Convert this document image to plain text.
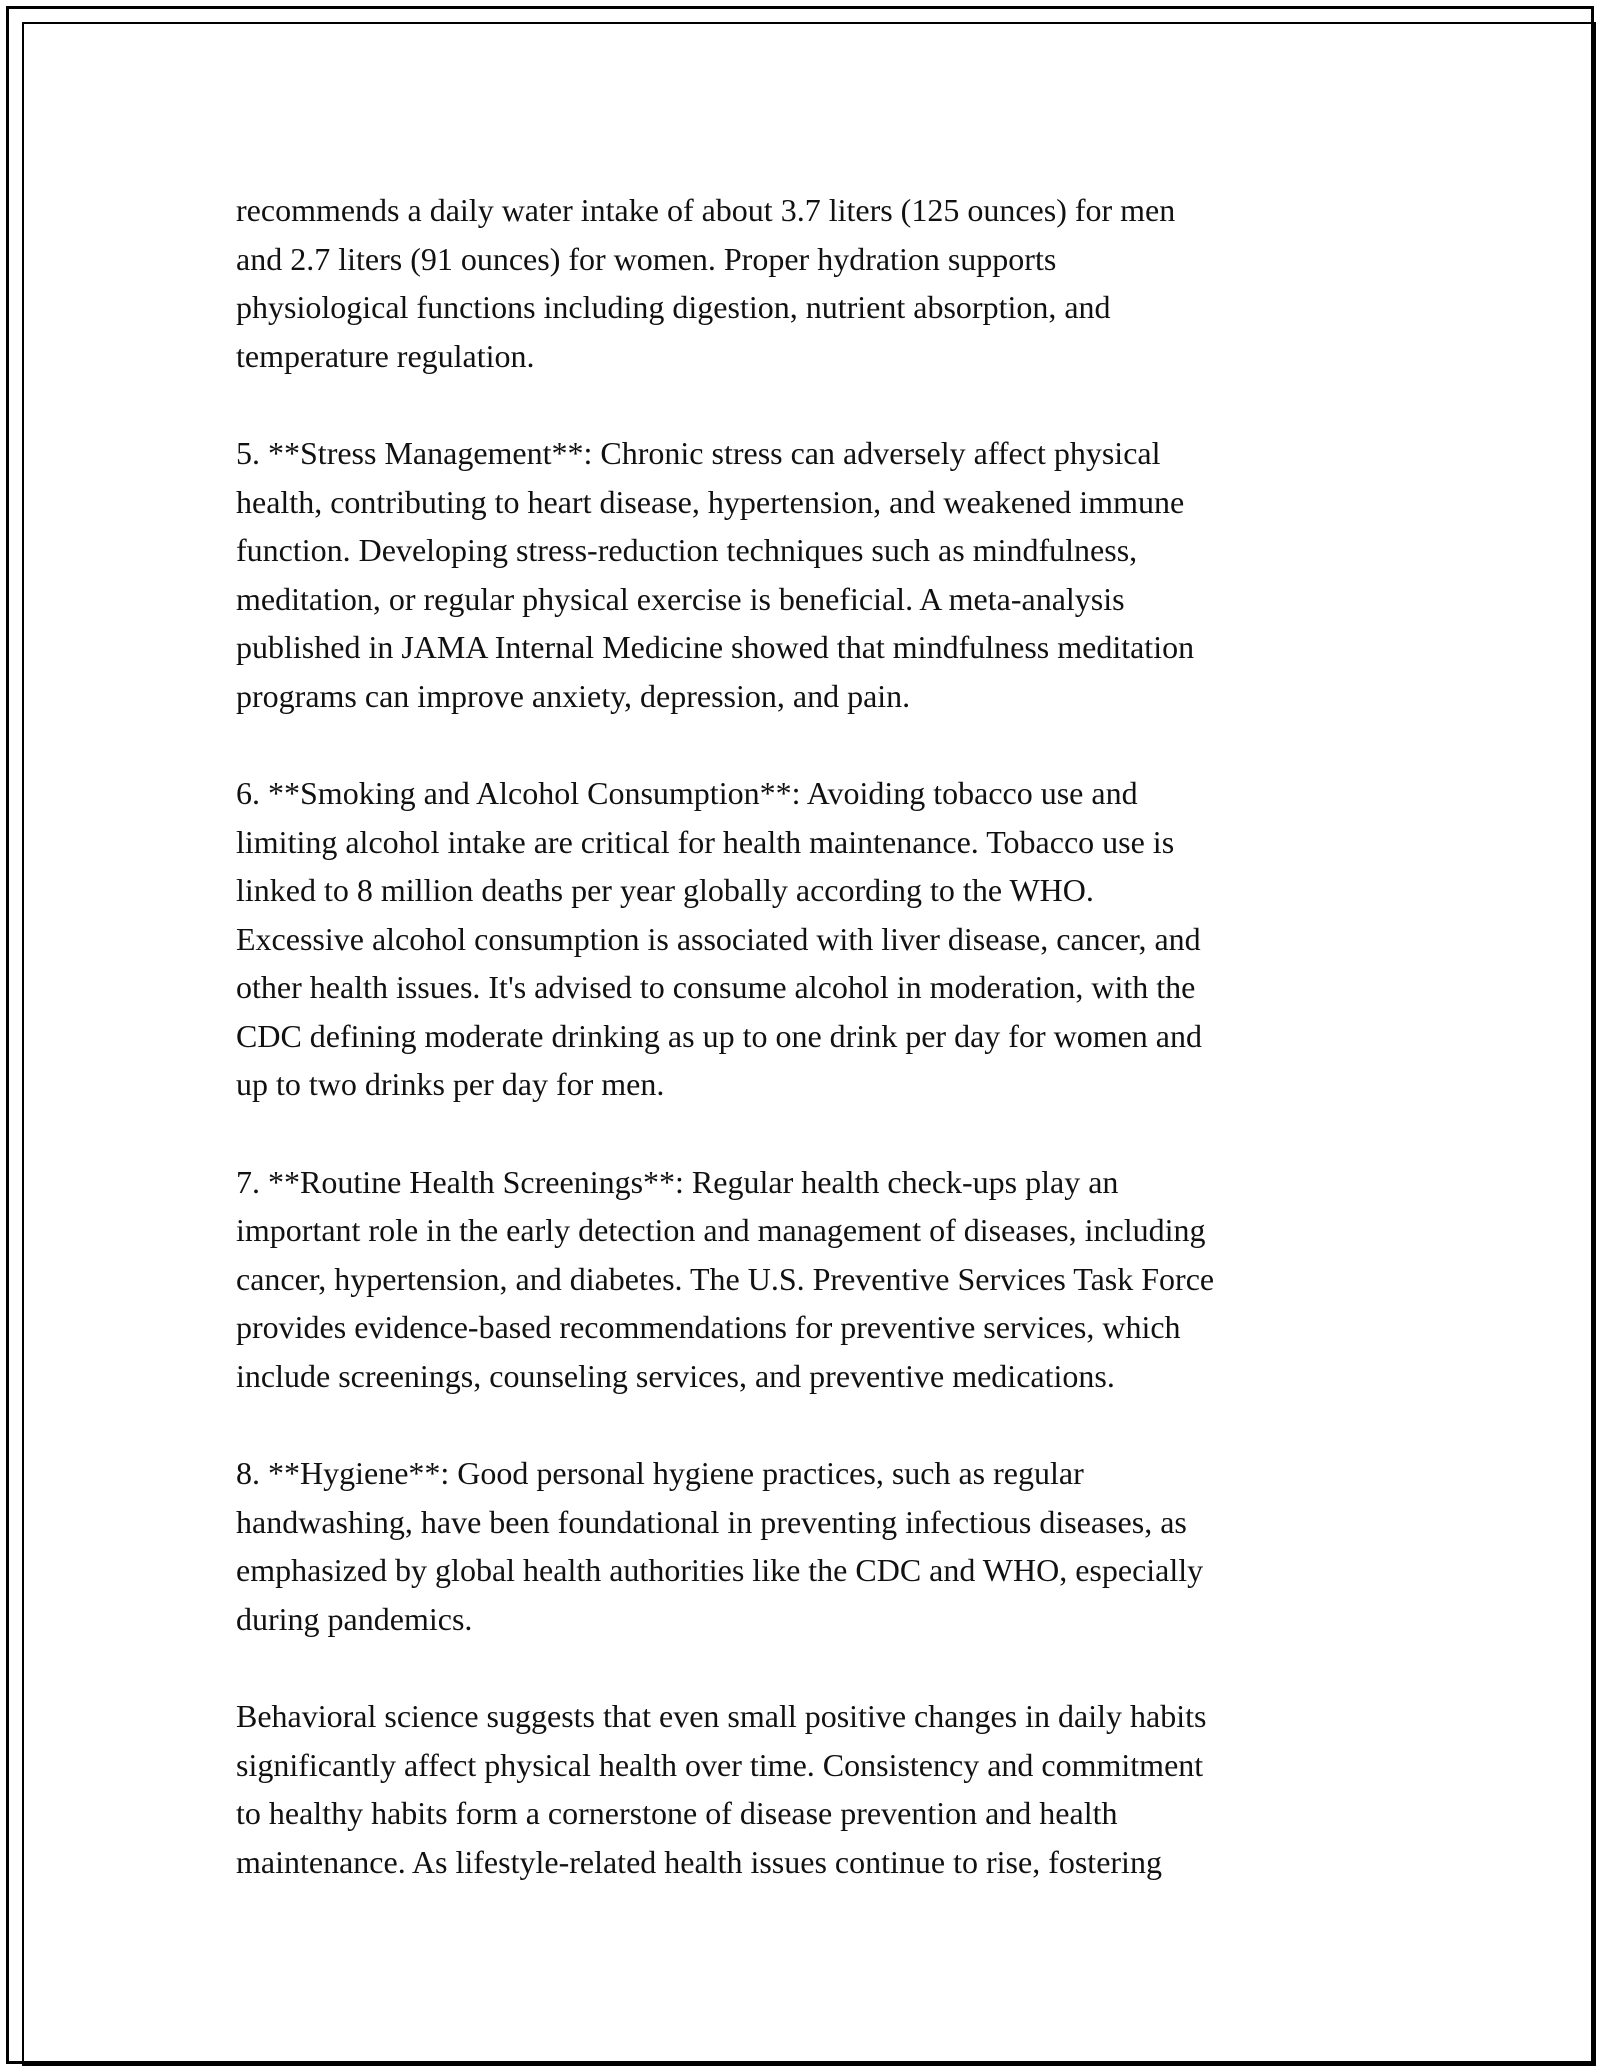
recommends a daily water intake of about 3.7 liters (125 ounces) for men
and 2.7 liters (91 ounces) for women. Proper hydration supports
physiological functions including digestion, nutrient absorption, and
temperature regulation.

5. **Stress Management**: Chronic stress can adversely affect physical
health, contributing to heart disease, hypertension, and weakened immune
function. Developing stress-reduction techniques such as mindfulness,
meditation, or regular physical exercise is beneficial. A meta-analysis
published in JAMA Internal Medicine showed that mindfulness meditation
programs can improve anxiety, depression, and pain.

6. **Smoking and Alcohol Consumption**: Avoiding tobacco use and
limiting alcohol intake are critical for health maintenance. Tobacco use is
linked to 8 million deaths per year globally according to the WHO.
Excessive alcohol consumption is associated with liver disease, cancer, and
other health issues. It's advised to consume alcohol in moderation, with the
CDC defining moderate drinking as up to one drink per day for women and
up to two drinks per day for men.

7. **Routine Health Screenings**: Regular health check-ups play an
important role in the early detection and management of diseases, including
cancer, hypertension, and diabetes. The U.S. Preventive Services Task Force
provides evidence-based recommendations for preventive services, which
include screenings, counseling services, and preventive medications.

8. **Hygiene**: Good personal hygiene practices, such as regular
handwashing, have been foundational in preventing infectious diseases, as
emphasized by global health authorities like the CDC and WHO, especially
during pandemics.

Behavioral science suggests that even small positive changes in daily habits
significantly affect physical health over time. Consistency and commitment
to healthy habits form a cornerstone of disease prevention and health
maintenance. As lifestyle-related health issues continue to rise, fostering
